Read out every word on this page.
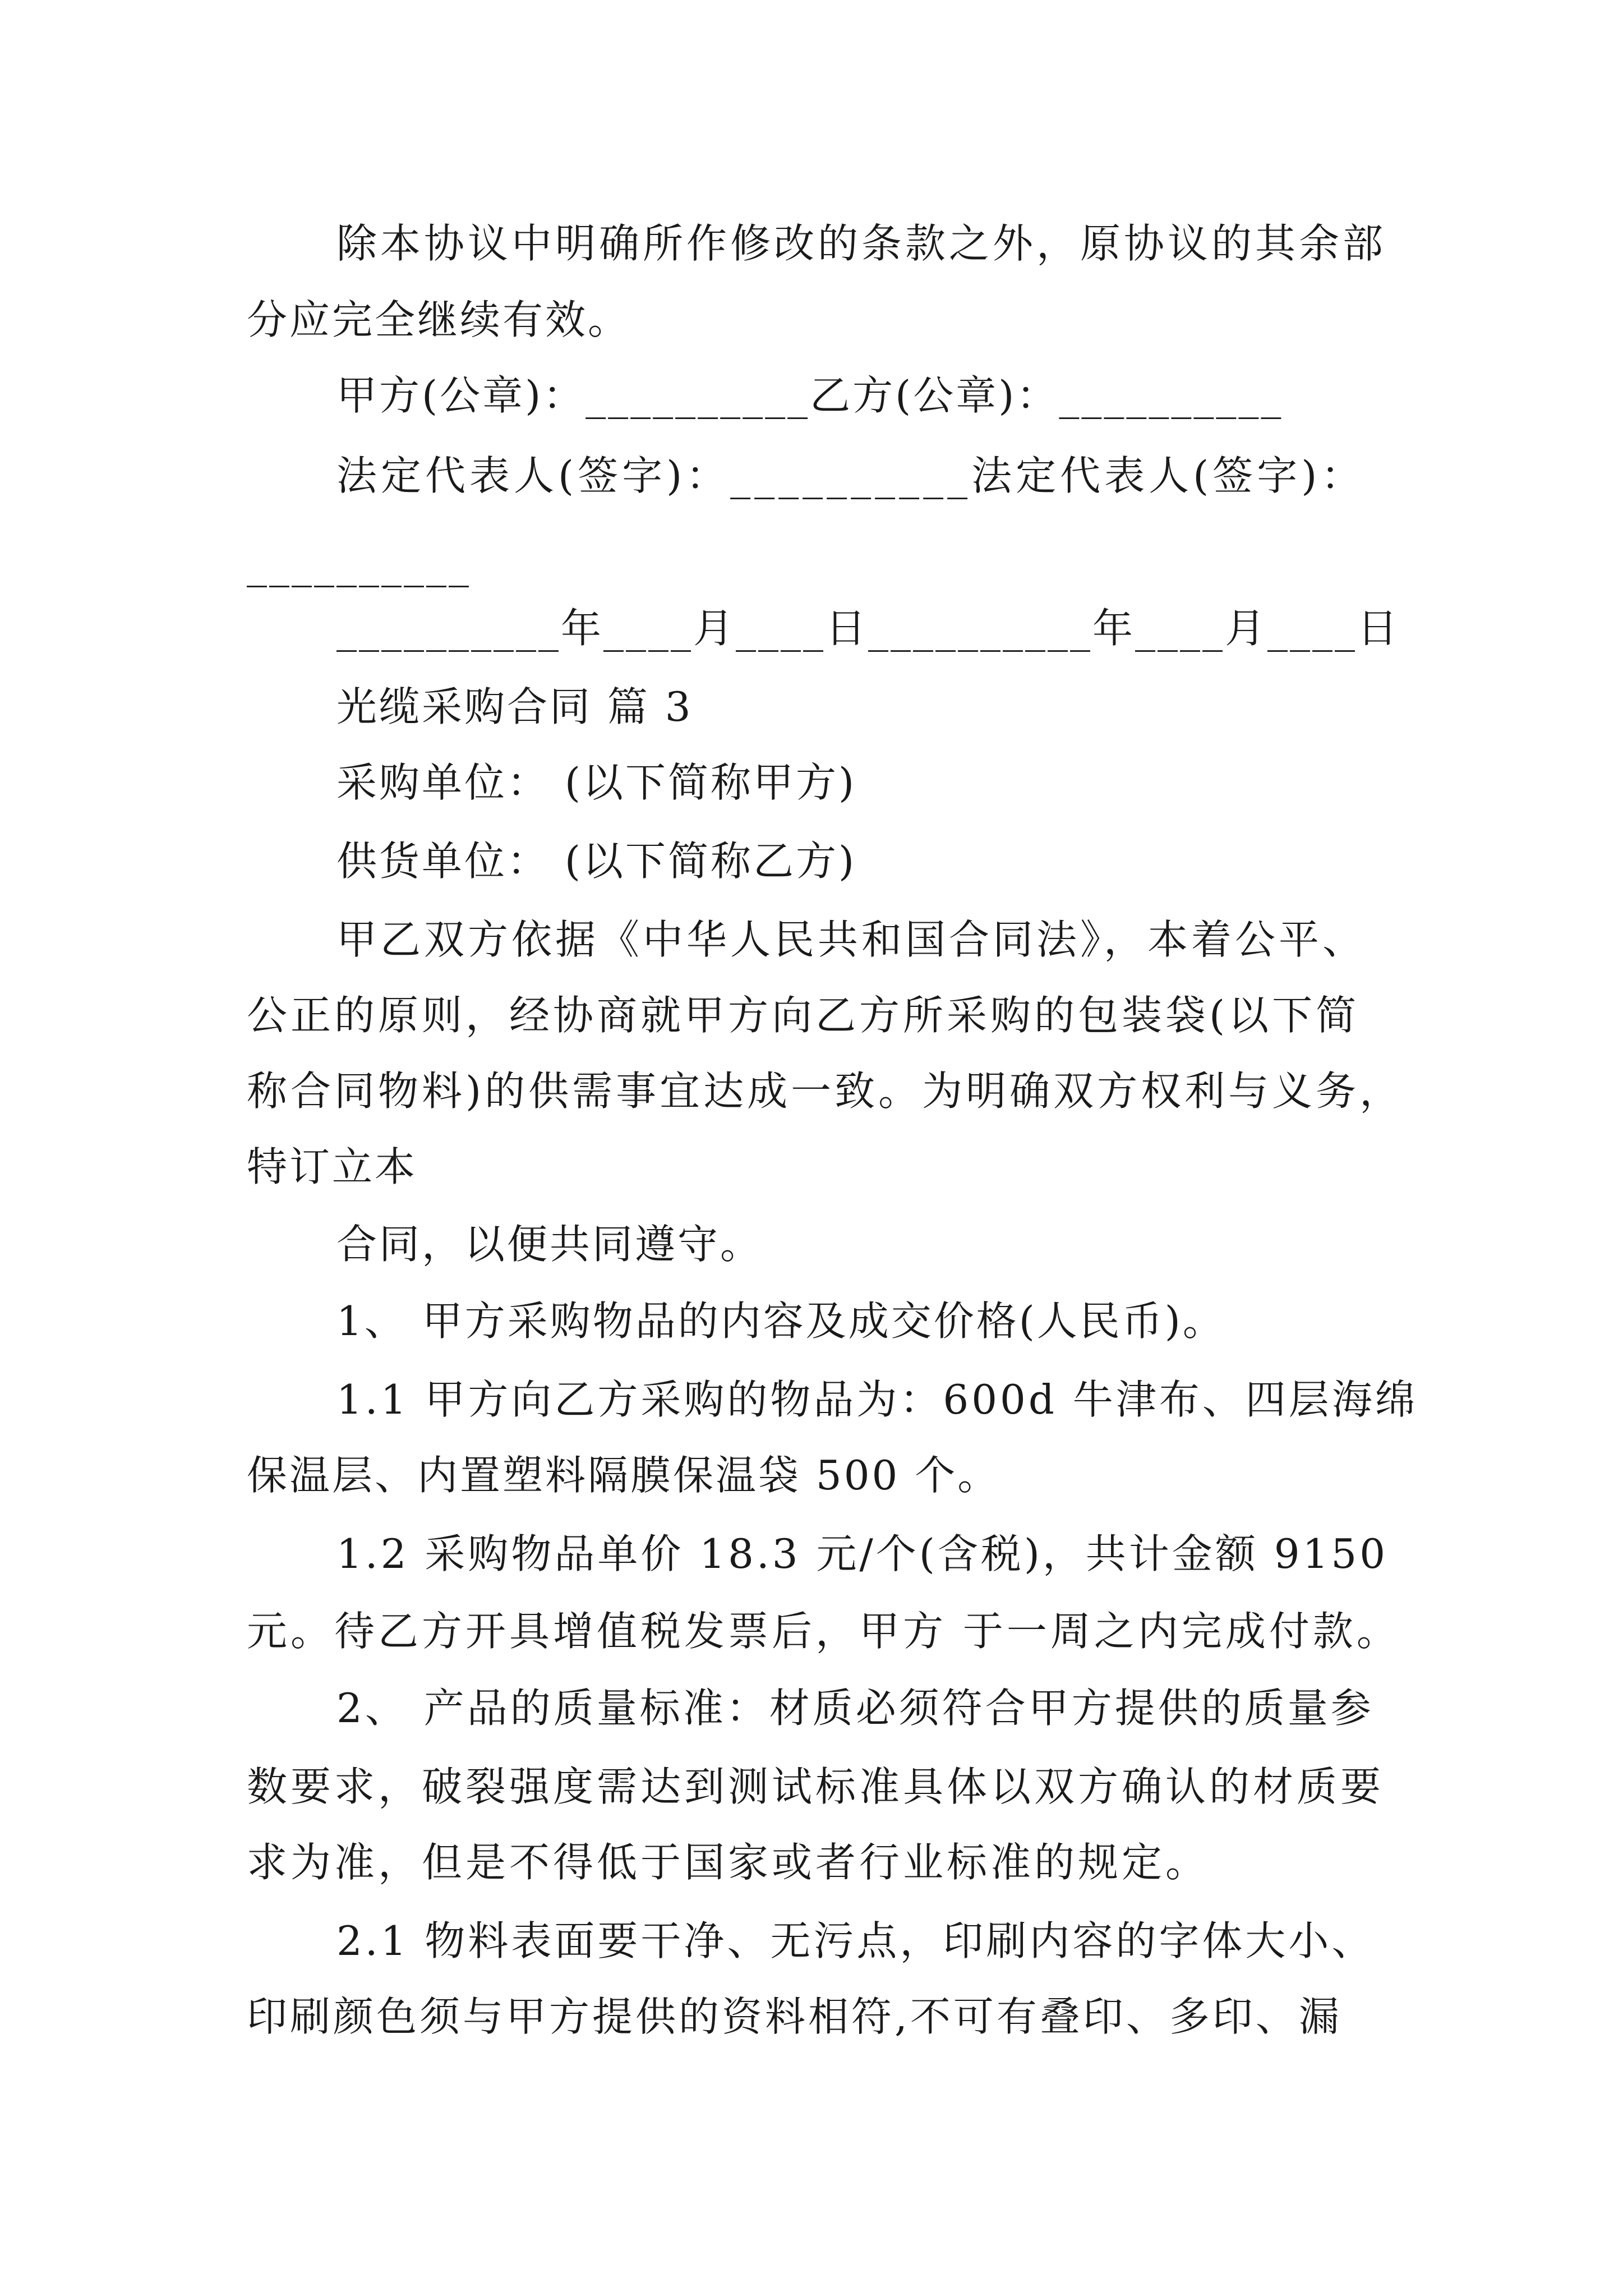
除本协议中明确所作修改的条款之外，原协议的其余部
分应完全继续有效。
甲方(公章)：__________乙方(公章)：__________
法定代表人(签字)：__________法定代表人(签字)：
__________
__________年____月____日__________年____月____日
光缆采购合同 篇 3
采购单位： (以下简称甲方)
供货单位： (以下简称乙方)
甲乙双方依据《中华人民共和国合同法》，本着公平、
公正的原则，经协商就甲方向乙方所采购的包装袋(以下简
称合同物料)的供需事宜达成一致。为明确双方权利与义务，
特订立本
合同，以便共同遵守。
1、 甲方采购物品的内容及成交价格(人民币)。
1.1 甲方向乙方采购的物品为：600d 牛津布、四层海绵
保温层、内置塑料隔膜保温袋 500 个。
1.2 采购物品单价 18.3 元/个(含税)，共计金额 9150
元。待乙方开具增值税发票后，甲方 于一周之内完成付款。
2、 产品的质量标准：材质必须符合甲方提供的质量参
数要求，破裂强度需达到测试标准具体以双方确认的材质要
求为准，但是不得低于国家或者行业标准的规定。
2.1 物料表面要干净、无污点，印刷内容的字体大小、
印刷颜色须与甲方提供的资料相符,不可有叠印、多印、漏
